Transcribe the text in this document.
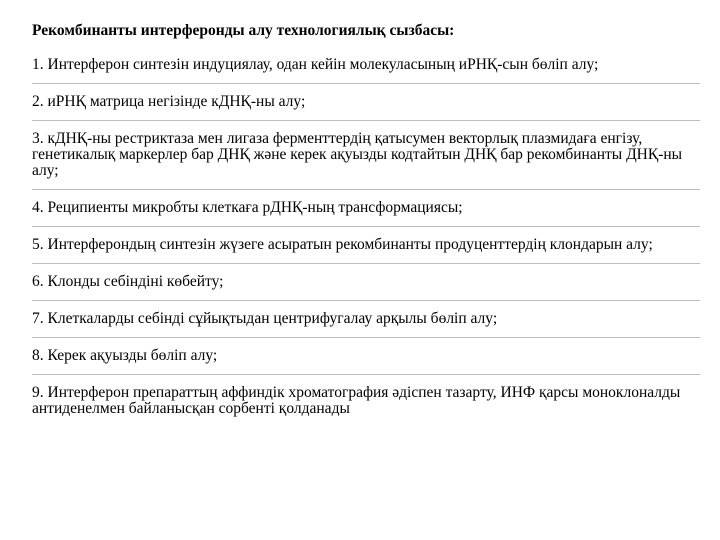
Рекомбинанты интерферонды алу технологиялық сызбасы:
1. Интерферон синтезін индуциялау, одан кейін молекуласының иРНҚ-сын бөліп алу;
2. иРНҚ матрица негізінде кДНҚ-ны алу;
3. кДНҚ-ны рестриктаза мен лигаза ферменттердің қатысумен векторлық плазмидаға енгізу, генетикалық маркерлер бар ДНҚ және керек ақуызды кодтайтын ДНҚ бар рекомбинанты ДНҚ-ны алу;
4. Реципиенты микробты клеткаға рДНҚ-ның трансформациясы;
5. Интерферондың синтезін жүзеге асыратын рекомбинанты продуценттердің клондарын алу;
6. Клонды себіндіні көбейту;
7. Клеткаларды себінді сұйықтыдан центрифугалау арқылы бөліп алу;
8. Керек ақуызды бөліп алу;
9. Интерферон препараттың аффиндік хроматография әдіспен тазарту, ИНФ қарсы моноклоналды антиденелмен байланысқан сорбенті қолданады
